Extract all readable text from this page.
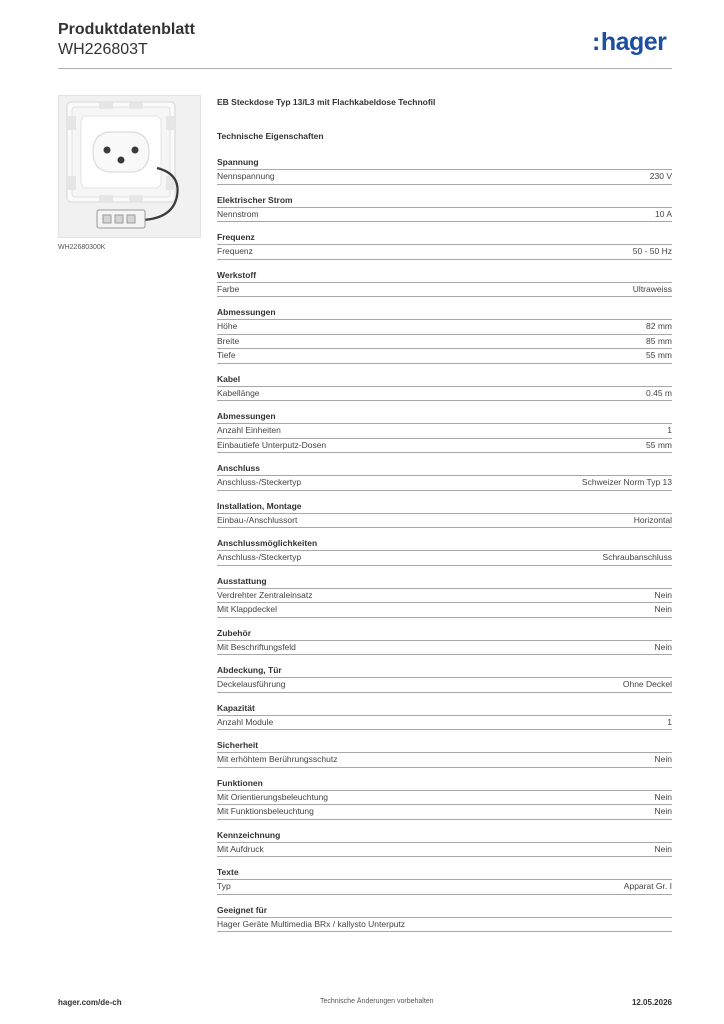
Produktdatenblatt
WH226803T	:hager
WH22680300K
EB Steckdose Typ 13/L3 mit Flachkabeldose Technofil
Technische Eigenschaften
Spannung
Nennspannung	230 V
Elektrischer Strom
Nennstrom	10 A
Frequenz
Frequenz	50 - 50 Hz
Werkstoff
Farbe	Ultraweiss
Abmessungen
Höhe	82 mm
Breite	85 mm
Tiefe	55 mm
Kabel
Kabellänge	0.45 m
Abmessungen
Anzahl Einheiten	1
Einbautiefe Unterputz-Dosen	55 mm
Anschluss
Anschluss-/Steckertyp	Schweizer Norm Typ 13
Installation, Montage
Einbau-/Anschlussort	Horizontal
Anschlussmöglichkeiten
Anschluss-/Steckertyp	Schraubanschluss
Ausstattung
Verdrehter Zentraleinsatz	Nein
Mit Klappdeckel	Nein
Zubehör
Mit Beschriftungsfeld	Nein
Abdeckung, Tür
Deckelausführung	Ohne Deckel
Kapazität
Anzahl Module	1
Sicherheit
Mit erhöhtem Berührungsschutz	Nein
Funktionen
Mit Orientierungsbeleuchtung	Nein
Mit Funktionsbeleuchtung	Nein
Kennzeichnung
Mit Aufdruck	Nein
Texte
Typ	Apparat Gr. I
Geeignet für
Hager Geräte Multimedia BRx / kallysto Unterputz
hager.com/de-ch	Technische Änderungen vorbehalten	12.05.2026
